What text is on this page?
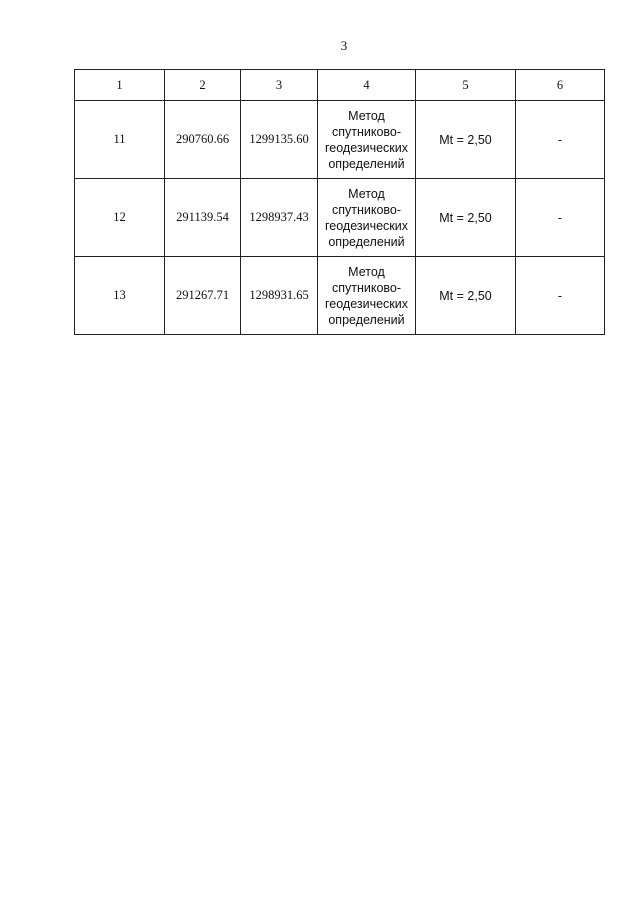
3
1	2	3	4	5	6
11	290760.66	1299135.60	Метод
спутниково-
геодезических
определений	Mt = 2,50	-
12	291139.54	1298937.43	Метод
спутниково-
геодезических
определений	Mt = 2,50	-
13	291267.71	1298931.65	Метод
спутниково-
геодезических
определений	Mt = 2,50	-
